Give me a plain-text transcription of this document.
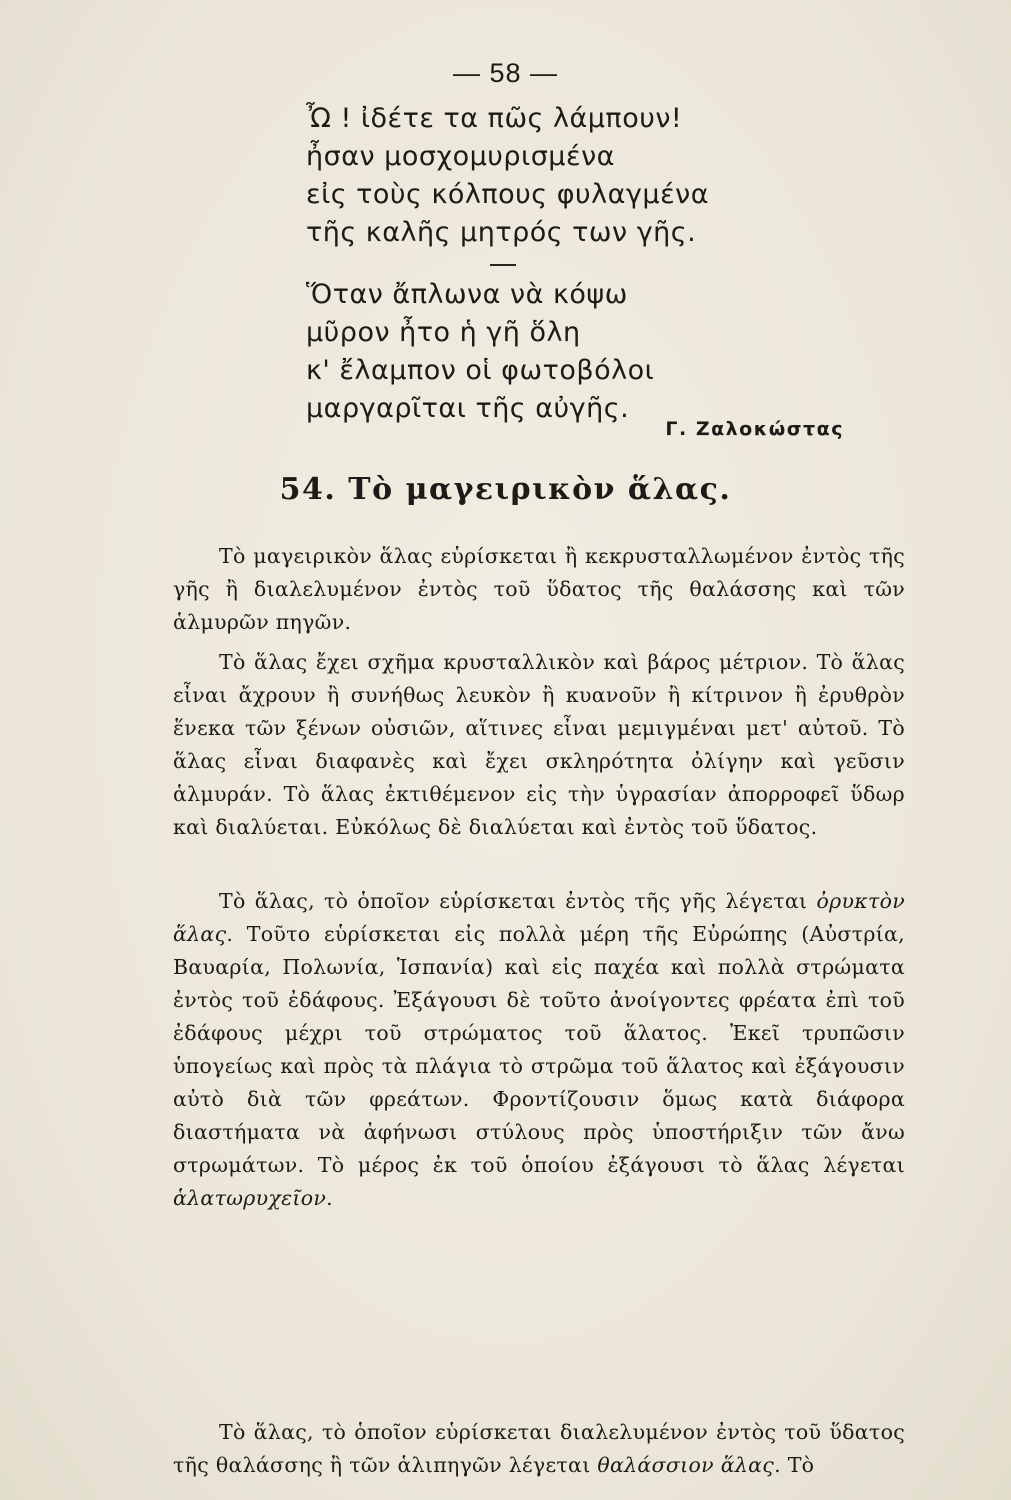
— 58 —
Ὦ ! ἰδέτε τα πῶς λάμπουν!
ἦσαν μοσχομυρισμένα
εἰς τοὺς κόλπους φυλαγμένα
τῆς καλῆς μητρός των γῆς.
Ὅταν ἄπλωνα νὰ κόψω
μῦρον ἦτο ἡ γῆ ὅλη
κ' ἔλαμπον οἱ φωτοβόλοι
μαργαρῖται τῆς αὐγῆς.
Γ. Ζαλοκώστας
54. Τὸ μαγειρικὸν ἅλας.

Τὸ μαγειρικὸν ἅλας εὑρίσκεται ἢ κεκρυσταλλωμένον ἐντὸς τῆς γῆς ἢ διαλελυμένον ἐντὸς τοῦ ὕδατος τῆς θαλάσσης καὶ τῶν ἁλμυρῶν πηγῶν.

Τὸ ἅλας ἔχει σχῆμα κρυσταλλικὸν καὶ βάρος μέτριον. Τὸ ἅλας εἶναι ἄχρουν ἢ συνήθως λευκὸν ἢ κυανοῦν ἢ κίτρινον ἢ ἐρυθρὸν ἕνεκα τῶν ξένων οὐσιῶν, αἵτινες εἶναι μεμιγμέναι μετ' αὐτοῦ. Τὸ ἅλας εἶναι διαφανὲς καὶ ἔχει σκληρότητα ὀλίγην καὶ γεῦσιν ἁλμυράν. Τὸ ἅλας ἐκτιθέμενον εἰς τὴν ὑγρασίαν ἀπορροφεῖ ὕδωρ καὶ διαλύεται. Εὐκόλως δὲ διαλύεται καὶ ἐντὸς τοῦ ὕδατος.

Τὸ ἅλας, τὸ ὁποῖον εὑρίσκεται ἐντὸς τῆς γῆς λέγεται ὀρυκτὸν ἅλας. Τοῦτο εὑρίσκεται εἰς πολλὰ μέρη τῆς Εὐρώπης (Αὐστρία, Βαυαρία, Πολωνία, Ἱσπανία) καὶ εἰς παχέα καὶ πολλὰ στρώματα ἐντὸς τοῦ ἐδάφους. Ἐξάγουσι δὲ τοῦτο ἀνοίγοντες φρέατα ἐπὶ τοῦ ἐδάφους μέχρι τοῦ στρώματος τοῦ ἅλατος. Ἐκεῖ τρυπῶσιν ὑπογείως καὶ πρὸς τὰ πλάγια τὸ στρῶμα τοῦ ἅλατος καὶ ἐξάγουσιν αὐτὸ διὰ τῶν φρεάτων. Φροντίζουσιν ὅμως κατὰ διάφορα διαστήματα νὰ ἀφήνωσι στύλους πρὸς ὑποστήριξιν τῶν ἄνω στρωμάτων. Τὸ μέρος ἐκ τοῦ ὁποίου ἐξάγουσι τὸ ἅλας λέγεται ἁλατωρυχεῖον.

Τὸ ἅλας, τὸ ὁποῖον εὑρίσκεται διαλελυμένον ἐντὸς τοῦ ὕδατος τῆς θαλάσσης ἢ τῶν ἁλιπηγῶν λέγεται θαλάσσιον ἅλας. Τὸ
